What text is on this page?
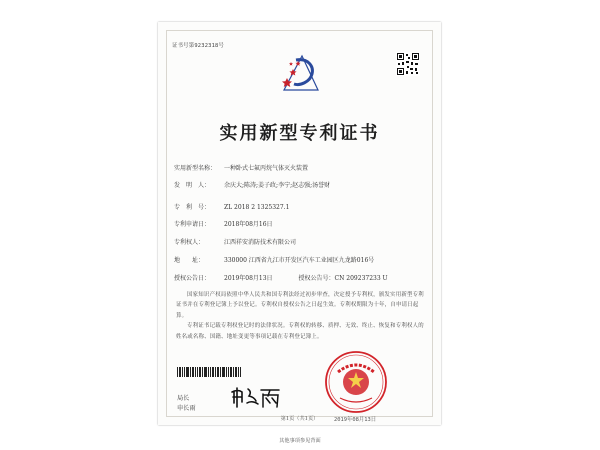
证书号第9232318号
实用新型专利证书
实用新型名称： 一种卧式七氟丙烷气体灭火装置
发　明　人： 余庆大;陈涛;姜子政;李宁;赵志强;汤誉财
专　利　号： ZL 2018 2 1325327.1
专利申请日： 2018年08月16日
专利权人：	江西祥安消防技术有限公司
地　　址：	330000 江西省九江市开发区汽车工业园区九龙路016号
授权公告日： 2019年08月13日	授权公告号：CN 209237233 U
国家知识产权局依照中华人民共和国专利法经过初步审查，决定授予专利权，颁发实用新型专利证书并在专利登记簿上予以登记。专利权自授权公告之日起生效。专利权期限为十年，自申请日起算。
专利证书记载专利权登记时的法律状况。专利权的转移、质押、无效、终止、恢复和专利权人的姓名或名称、国籍、地址变更等事项记载在专利登记簿上。
局长
申长雨
2019年08月13日
第1页（共1页）
其他事项参见背面
